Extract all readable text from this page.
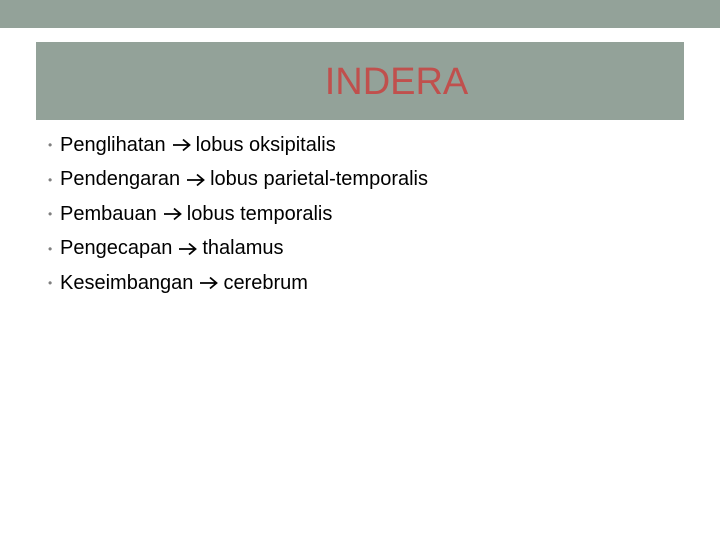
INDERA
• Penglihatan lobus oksipitalis
• Pendengaran lobus parietal-temporalis
• Pembauan lobus temporalis
• Pengecapan thalamus
• Keseimbangan cerebrum
